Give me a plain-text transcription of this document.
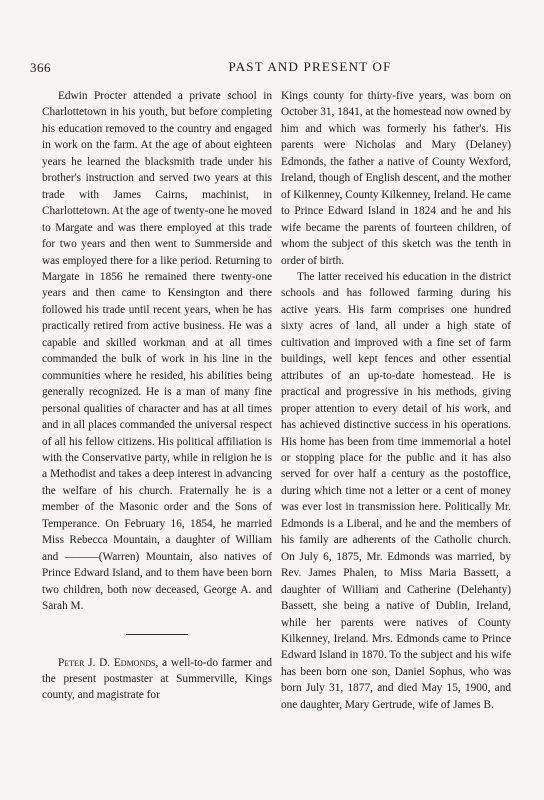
366	PAST AND PRESENT OF

Edwin Procter attended a private school in Charlottetown in his youth, but before completing his education removed to the country and engaged in work on the farm. At the age of about eighteen years he learned the blacksmith trade under his brother's instruction and served two years at this trade with James Cairns, machinist, in Charlottetown. At the age of twenty-one he moved to Margate and was there employed at this trade for two years and then went to Summerside and was employed there for a like period. Returning to Margate in 1856 he remained there twenty-one years and then came to Kensington and there followed his trade until recent years, when he has practically retired from active business. He was a capable and skilled workman and at all times commanded the bulk of work in his line in the communities where he resided, his abilities being generally recognized. He is a man of many fine personal qualities of character and has at all times and in all places commanded the universal respect of all his fellow citizens. His political affiliation is with the Conservative party, while in religion he is a Methodist and takes a deep interest in advancing the welfare of his church. Fraternally he is a member of the Masonic order and the Sons of Temperance. On February 16, 1854, he married Miss Rebecca Mountain, a daughter of William and ———(Warren) Mountain, also natives of Prince Edward Island, and to them have been born two children, both now deceased, George A. and Sarah M.

Peter J. D. Edmonds, a well-to-do farmer and the present postmaster at Summerville, Kings county, and magistrate for

Kings county for thirty-five years, was born on October 31, 1841, at the homestead now owned by him and which was formerly his father's. His parents were Nicholas and Mary (Delaney) Edmonds, the father a native of County Wexford, Ireland, though of English descent, and the mother of Kilkenney, County Kilkenney, Ireland. He came to Prince Edward Island in 1824 and he and his wife became the parents of fourteen children, of whom the subject of this sketch was the tenth in order of birth.

The latter received his education in the district schools and has followed farming during his active years. His farm comprises one hundred sixty acres of land, all under a high state of cultivation and improved with a fine set of farm buildings, well kept fences and other essential attributes of an up-to-date homestead. He is practical and progressive in his methods, giving proper attention to every detail of his work, and has achieved distinctive success in his operations. His home has been from time immemorial a hotel or stopping place for the public and it has also served for over half a century as the postoffice, during which time not a letter or a cent of money was ever lost in transmission here. Politically Mr. Edmonds is a Liberal, and he and the members of his family are adherents of the Catholic church. On July 6, 1875, Mr. Edmonds was married, by Rev. James Phalen, to Miss Maria Bassett, a daughter of William and Catherine (Delehanty) Bassett, she being a native of Dublin, Ireland, while her parents were natives of County Kilkenney, Ireland. Mrs. Edmonds came to Prince Edward Island in 1870. To the subject and his wife has been born one son, Daniel Sophus, who was born July 31, 1877, and died May 15, 1900, and one daughter, Mary Gertrude, wife of James B.
